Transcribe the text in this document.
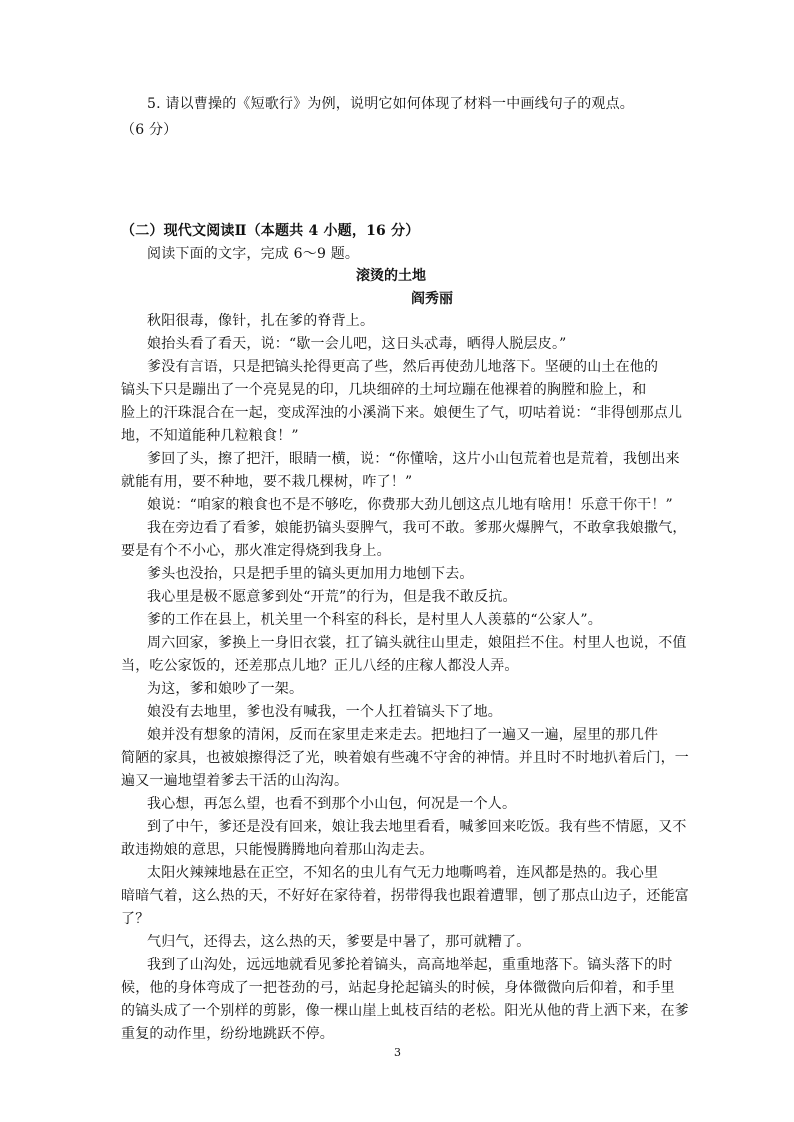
5. 请以曹操的《短歌行》为例，说明它如何体现了材料一中画线句子的观点。
（6 分）
（二）现代文阅读Ⅱ（本题共 4 小题，16 分）
阅读下面的文字，完成 6～9 题。
滚烫的土地
阎秀丽
秋阳很毒，像针，扎在爹的脊背上。
娘抬头看了看天，说：“歇一会儿吧，这日头忒毒，晒得人脱层皮。”
爹没有言语，只是把镐头抡得更高了些，然后再使劲儿地落下。坚硬的山土在他的
镐头下只是蹦出了一个亮晃晃的印，几块细碎的土坷垃蹦在他裸着的胸膛和脸上，和
脸上的汗珠混合在一起，变成浑浊的小溪淌下来。娘便生了气，叨咕着说：“非得刨那点儿
地，不知道能种几粒粮食！”
爹回了头，擦了把汗，眼睛一横，说：“你懂啥，这片小山包荒着也是荒着，我刨出来
就能有用，要不种地，要不栽几棵树，咋了！”
娘说：“咱家的粮食也不是不够吃，你费那大劲儿刨这点儿地有啥用！乐意干你干！”
我在旁边看了看爹，娘能扔镐头耍脾气，我可不敢。爹那火爆脾气，不敢拿我娘撒气，
要是有个不小心，那火准定得烧到我身上。
爹头也没抬，只是把手里的镐头更加用力地刨下去。
我心里是极不愿意爹到处“开荒”的行为，但是我不敢反抗。
爹的工作在县上，机关里一个科室的科长，是村里人人羡慕的“公家人”。
周六回家，爹换上一身旧衣裳，扛了镐头就往山里走，娘阻拦不住。村里人也说，不值
当，吃公家饭的，还差那点儿地？正儿八经的庄稼人都没人弄。
为这，爹和娘吵了一架。
娘没有去地里，爹也没有喊我，一个人扛着镐头下了地。
娘并没有想象的清闲，反而在家里走来走去。把地扫了一遍又一遍，屋里的那几件
简陋的家具，也被娘擦得泛了光，映着娘有些魂不守舍的神情。并且时不时地扒着后门，一
遍又一遍地望着爹去干活的山沟沟。
我心想，再怎么望，也看不到那个小山包，何况是一个人。
到了中午，爹还是没有回来，娘让我去地里看看，喊爹回来吃饭。我有些不情愿，又不
敢违拗娘的意思，只能慢腾腾地向着那山沟走去。
太阳火辣辣地悬在正空，不知名的虫儿有气无力地嘶鸣着，连风都是热的。我心里
暗暗气着，这么热的天，不好好在家待着，拐带得我也跟着遭罪，刨了那点山边子，还能富
了？
气归气，还得去，这么热的天，爹要是中暑了，那可就糟了。
我到了山沟处，远远地就看见爹抡着镐头，高高地举起，重重地落下。镐头落下的时
候，他的身体弯成了一把苍劲的弓，站起身抡起镐头的时候，身体微微向后仰着，和手里
的镐头成了一个别样的剪影，像一棵山崖上虬枝百结的老松。阳光从他的背上洒下来，在爹
重复的动作里，纷纷地跳跃不停。
3
